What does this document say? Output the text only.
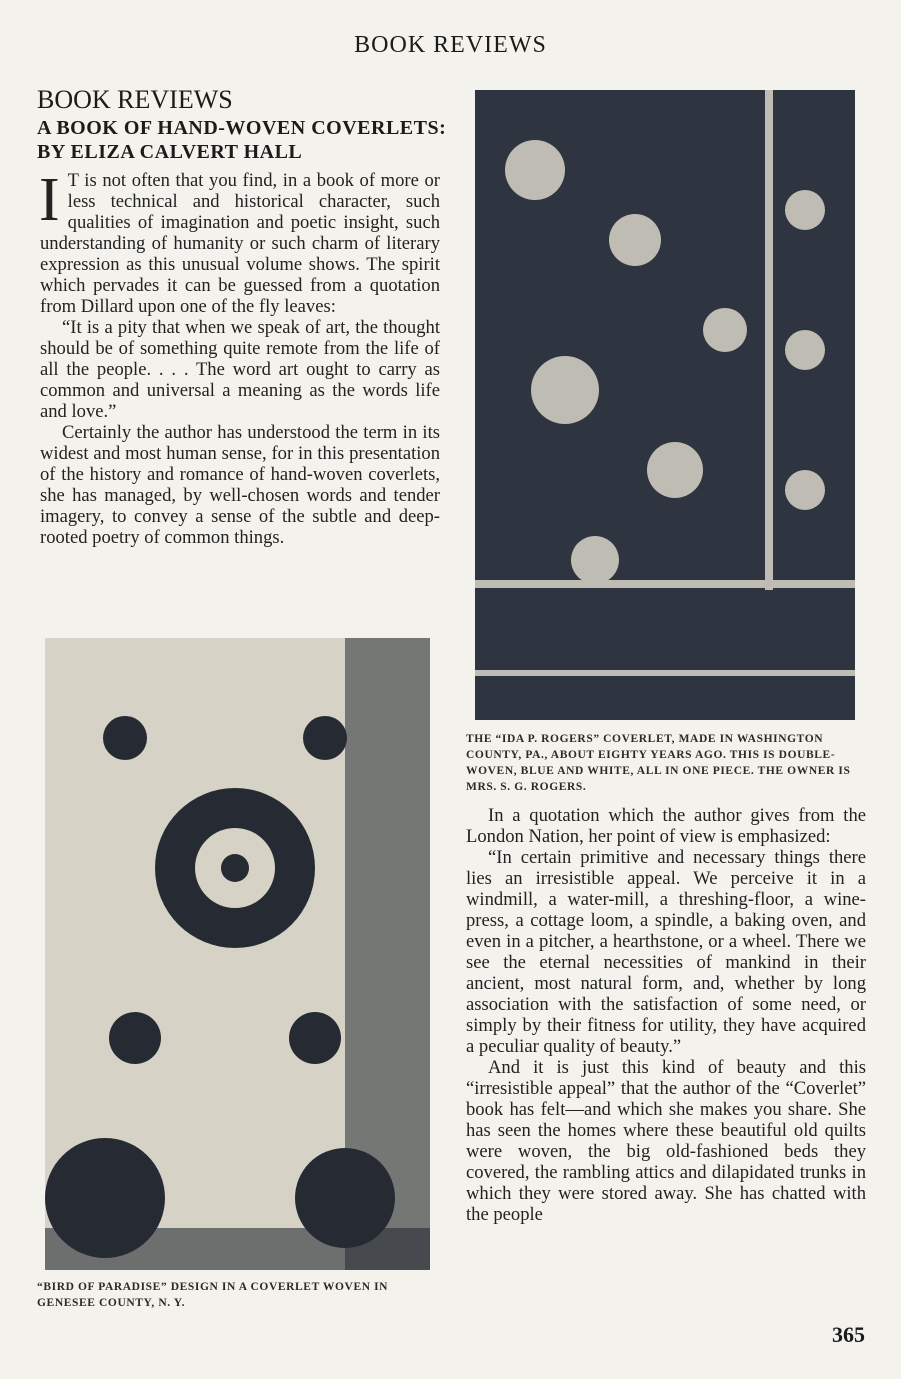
BOOK REVIEWS
BOOK REVIEWS
A BOOK OF HAND-WOVEN COVERLETS: BY ELIZA CALVERT HALL

I T is not often that you find, in a book of more or less technical and historical character, such qualities of imagination and poetic insight, such understanding of humanity or such charm of literary expression as this unusual volume shows. The spirit which pervades it can be guessed from a quotation from Dillard upon one of the fly leaves:

“It is a pity that when we speak of art, the thought should be of something quite remote from the life of all the people. . . . The word art ought to carry as common and universal a meaning as the words life and love.”

Certainly the author has understood the term in its widest and most human sense, for in this presentation of the history and romance of hand-woven coverlets, she has managed, by well-chosen words and tender imagery, to convey a sense of the subtle and deep-rooted poetry of common things.

THE “IDA P. ROGERS” COVERLET, MADE IN WASHINGTON COUNTY, PA., ABOUT EIGHTY YEARS AGO. THIS IS DOUBLE-WOVEN, BLUE AND WHITE, ALL IN ONE PIECE. THE OWNER IS MRS. S. G. ROGERS.
“BIRD OF PARADISE” DESIGN IN A COVERLET WOVEN IN GENESEE COUNTY, N. Y.

In a quotation which the author gives from the London Nation, her point of view is emphasized:

“In certain primitive and necessary things there lies an irresistible appeal. We perceive it in a windmill, a water-mill, a threshing-floor, a wine-press, a cottage loom, a spindle, a baking oven, and even in a pitcher, a hearthstone, or a wheel. There we see the eternal necessities of mankind in their ancient, most natural form, and, whether by long association with the satisfaction of some need, or simply by their fitness for utility, they have acquired a peculiar quality of beauty.”

And it is just this kind of beauty and this “irresistible appeal” that the author of the “Coverlet” book has felt—and which she makes you share. She has seen the homes where these beautiful old quilts were woven, the big old-fashioned beds they covered, the rambling attics and dilapidated trunks in which they were stored away. She has chatted with the people

365
